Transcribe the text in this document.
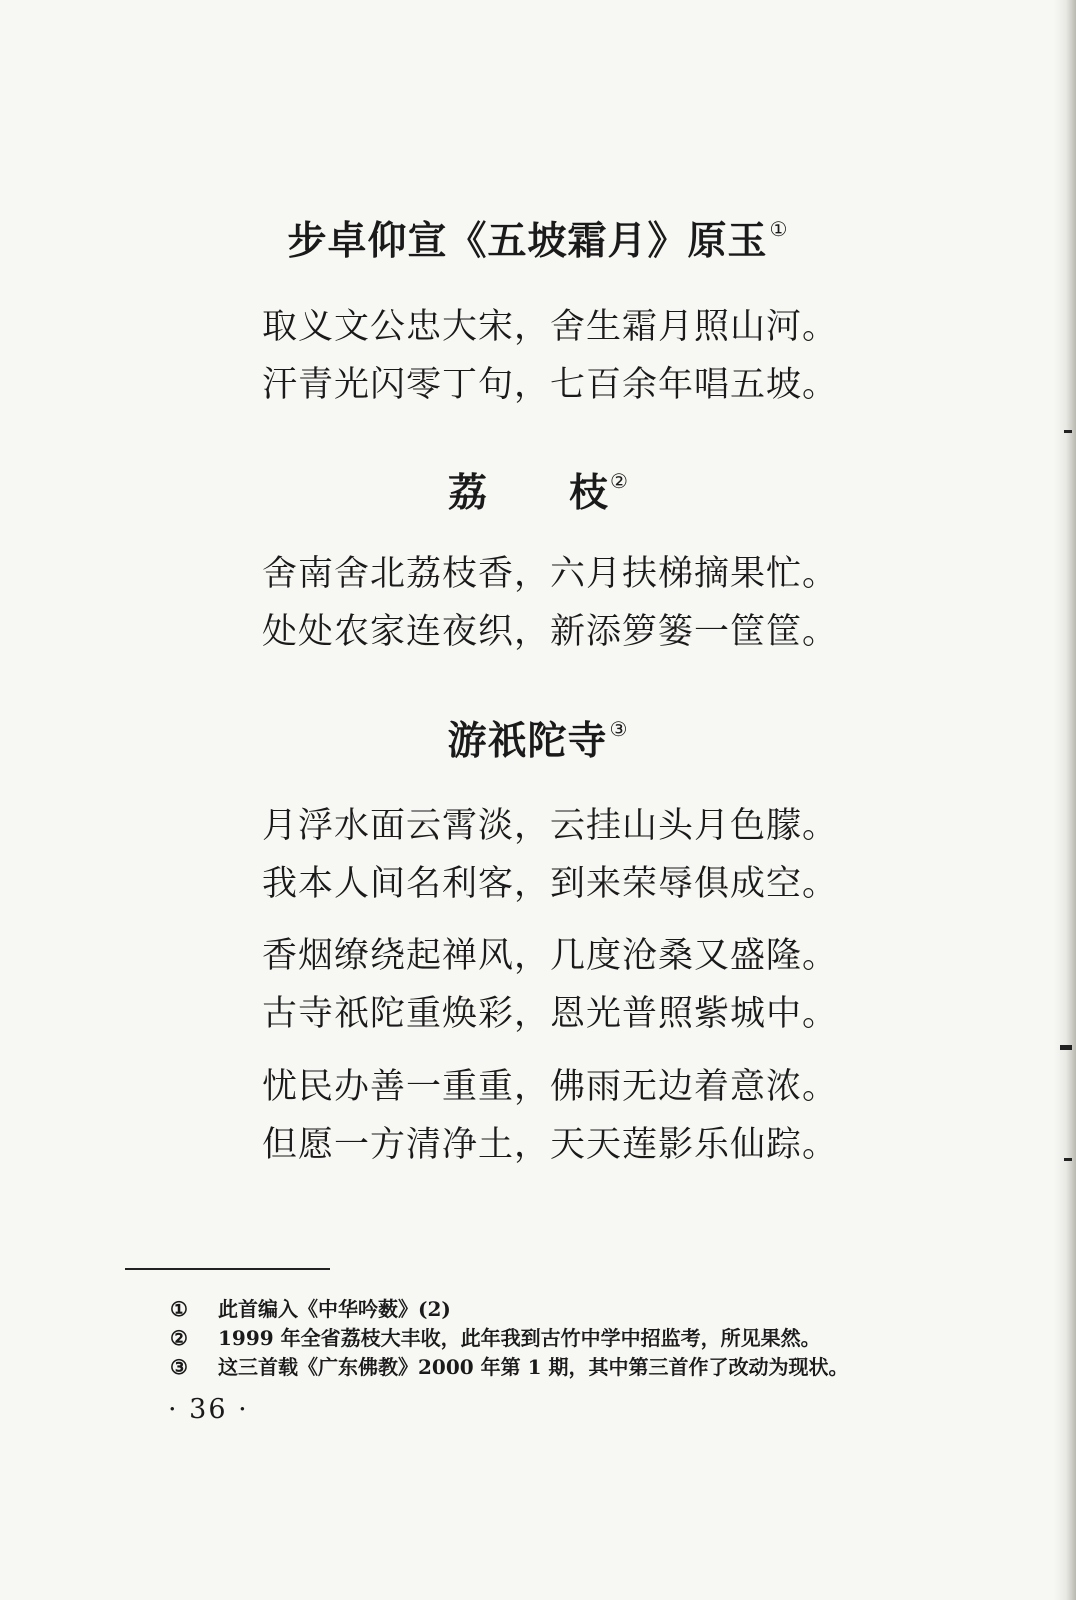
步卓仰宣《五坡霜月》原玉 ①
取义文公忠大宋，舍生霜月照山河。
汗青光闪零丁句，七百余年唱五坡。
荔 枝 ②
舍南舍北荔枝香，六月扶梯摘果忙。
处处农家连夜织，新添箩篓一筐筐。
游祇陀寺 ③
月浮水面云霄淡，云挂山头月色朦。
我本人间名利客，到来荣辱俱成空。
香烟缭绕起禅风，几度沧桑又盛隆。
古寺祇陀重焕彩，恩光普照紫城中。
忧民办善一重重，佛雨无边着意浓。
但愿一方清净土，天天莲影乐仙踪。
① 此首编入《中华吟薮》(2)
② 1999 年全省荔枝大丰收，此年我到古竹中学中招监考，所见果然。
③ 这三首载《广东佛教》2000 年第 1 期，其中第三首作了改动为现状。
· 36 ·
